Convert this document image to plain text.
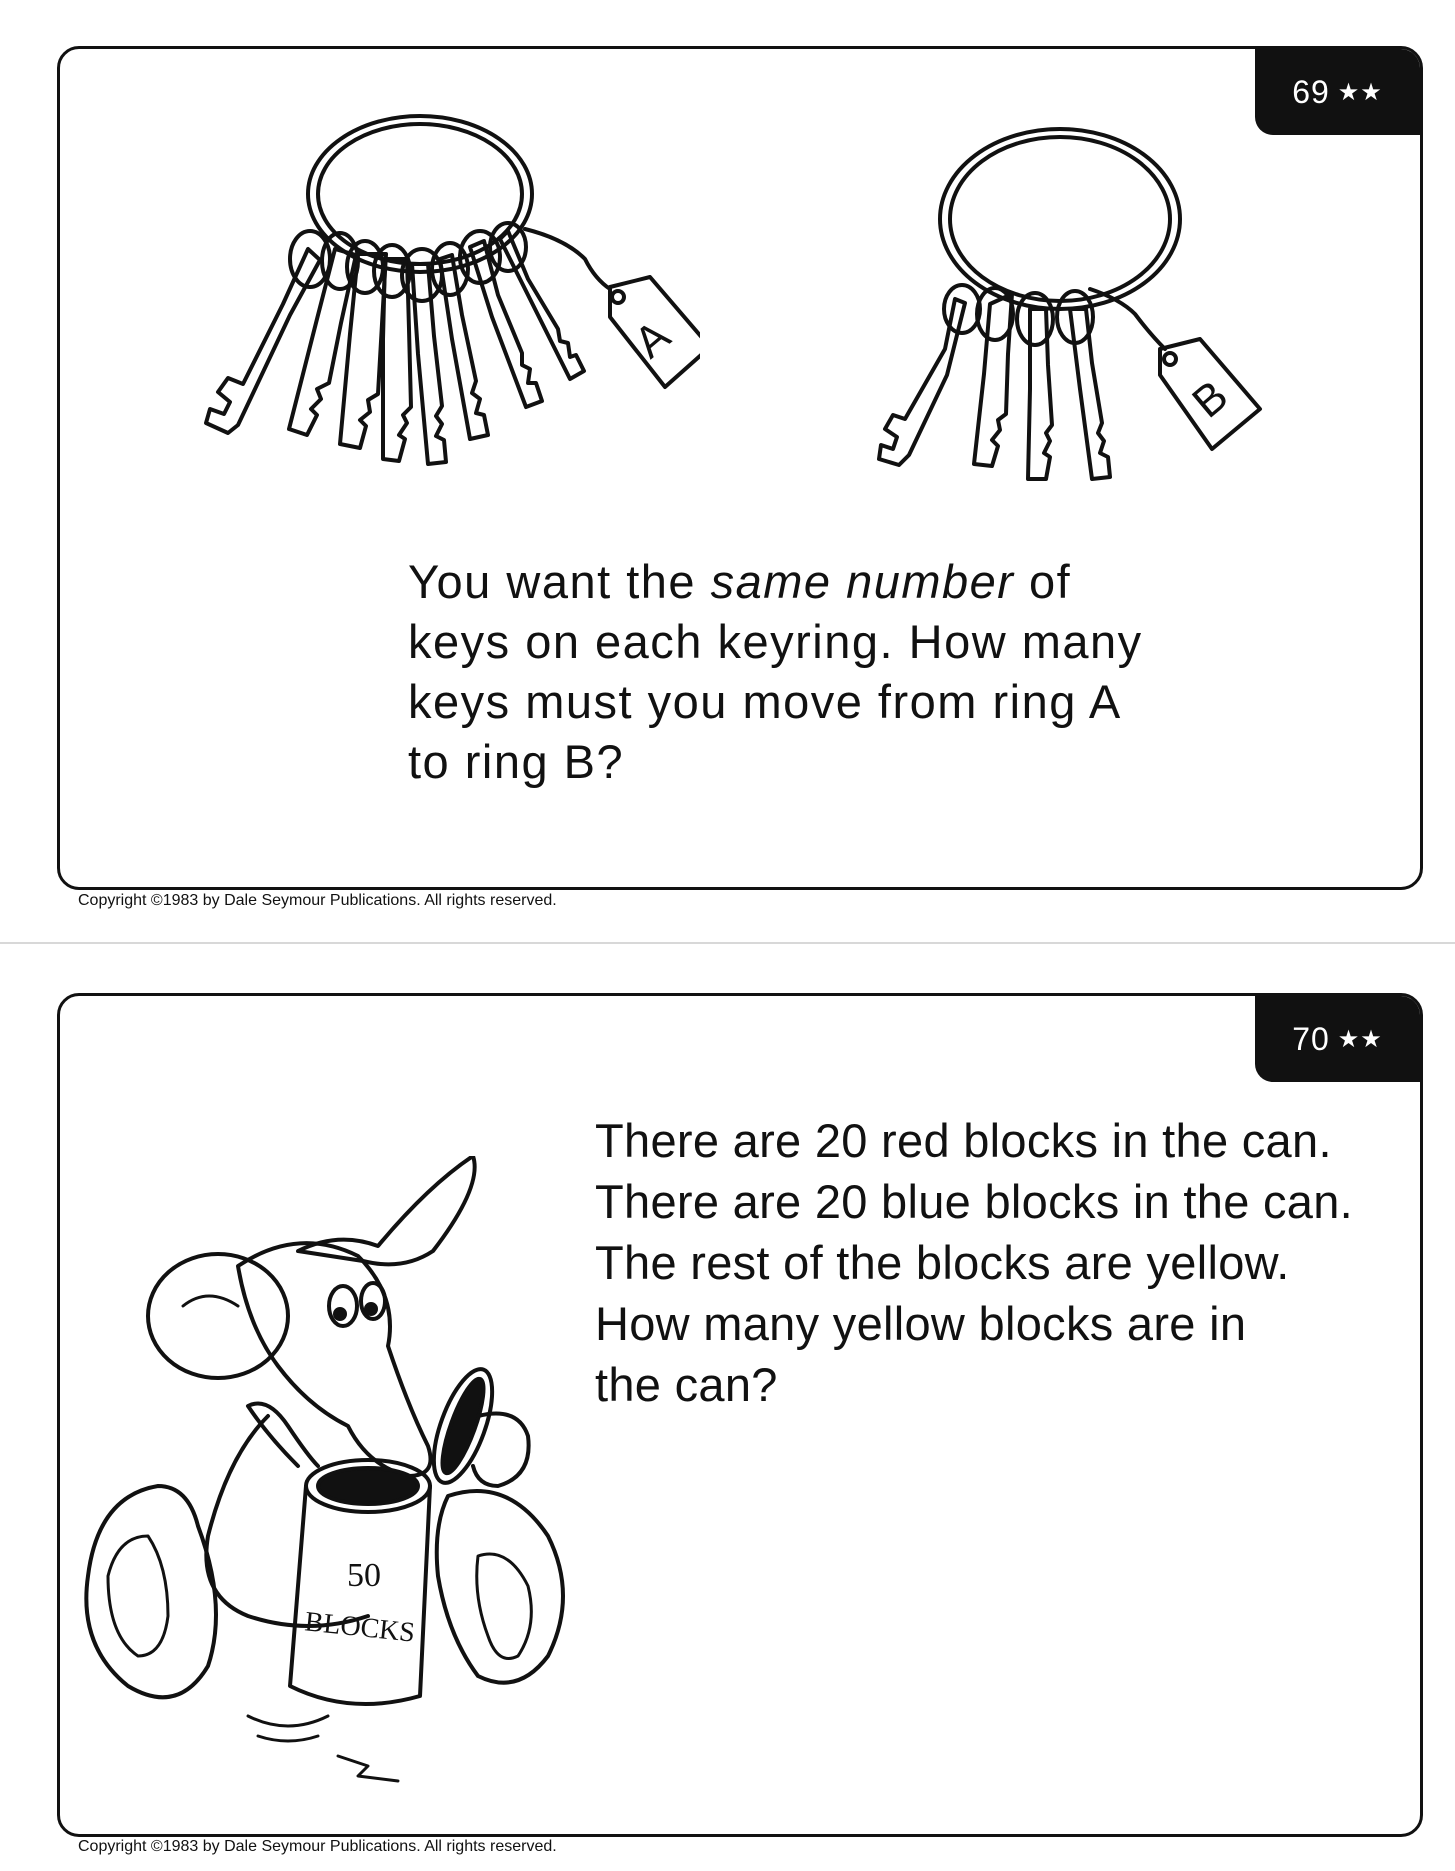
69 ★★
A
B

You want the same number of
keys on each keyring. How many
keys must you move from ring A
to ring B?

Copyright ©1983 by Dale Seymour Publications. All rights reserved.
70 ★★

There are 20 red blocks in the can.
There are 20 blue blocks in the can.
The rest of the blocks are yellow.
How many yellow blocks are in
the can?

50
BLOCKS
Copyright ©1983 by Dale Seymour Publications. All rights reserved.
